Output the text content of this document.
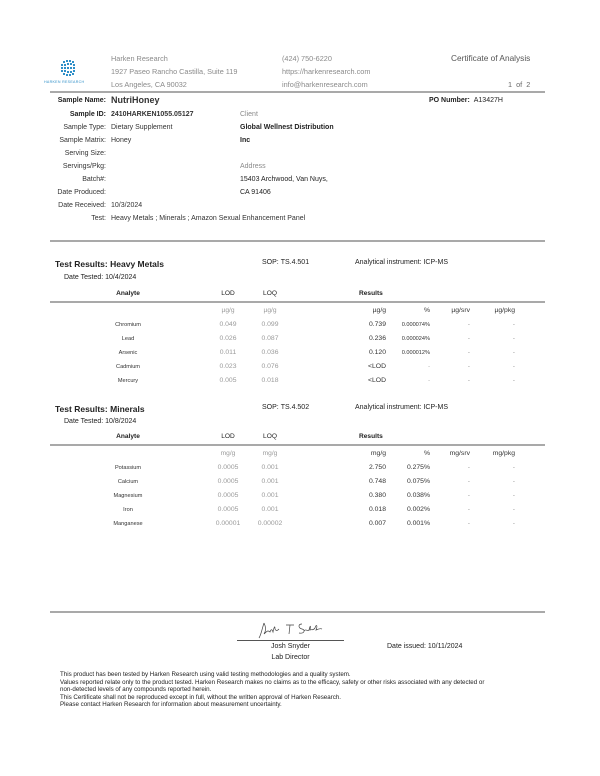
HARKEN RESEARCH
Harken Research
1927 Paseo Rancho Castilla, Suite 119
Los Angeles, CA 90032
(424) 750-6220
https://harkenresearch.com
info@harkenresearch.com
Certificate of Analysis
1 of 2
Sample Name: NutriHoney
Sample ID: 2410HARKEN1055.05127
Sample Type: Dietary Supplement
Sample Matrix: Honey
Serving Size:
Servings/Pkg:
Batch#:
Date Produced:
Date Received: 10/3/2024
Test: Heavy Metals ; Minerals ; Amazon Sexual Enhancement Panel
PO Number: A13427H
Client
Global Wellnest Distribution
Inc
Address
15403 Archwood, Van Nuys,
CA 91406
Test Results: Heavy Metals	SOP: TS.4.501	Analytical instrument: ICP-MS
Date Tested: 10/4/2024
Analyte	LOD	LOQ	Results
µg/g	µg/g	µg/g	%	µg/srv	µg/pkg
Chromium	0.049	0.099	0.739	0.000074%	-	-
Lead	0.026	0.087	0.236	0.000024%	-	-
Arsenic	0.011	0.036	0.120	0.000012%	-	-
Cadmium	0.023	0.076	<LOD	-	-	-
Mercury	0.005	0.018	<LOD	-	-	-
Test Results: Minerals	SOP: TS.4.502	Analytical instrument: ICP-MS
Date Tested: 10/8/2024
Analyte	LOD	LOQ	Results
mg/g	mg/g	mg/g	%	mg/srv	mg/pkg
Potassium	0.0005	0.001	2.750	0.275%	-	-
Calcium	0.0005	0.001	0.748	0.075%	-	-
Magnesium	0.0005	0.001	0.380	0.038%	-	-
Iron	0.0005	0.001	0.018	0.002%	-	-
Manganese	0.00001	0.00002	0.007	0.001%	-	-
Josh Snyder
Lab Director
Date issued: 10/11/2024
This product has been tested by Harken Research using valid testing methodologies and a quality system.
Values reported relate only to the product tested. Harken Research makes no claims as to the efficacy, safety or other risks associated with any detected or
non-detected levels of any compounds reported herein.
This Certificate shall not be reproduced except in full, without the written approval of Harken Research.
Please contact Harken Research for information about measurement uncertainty.
